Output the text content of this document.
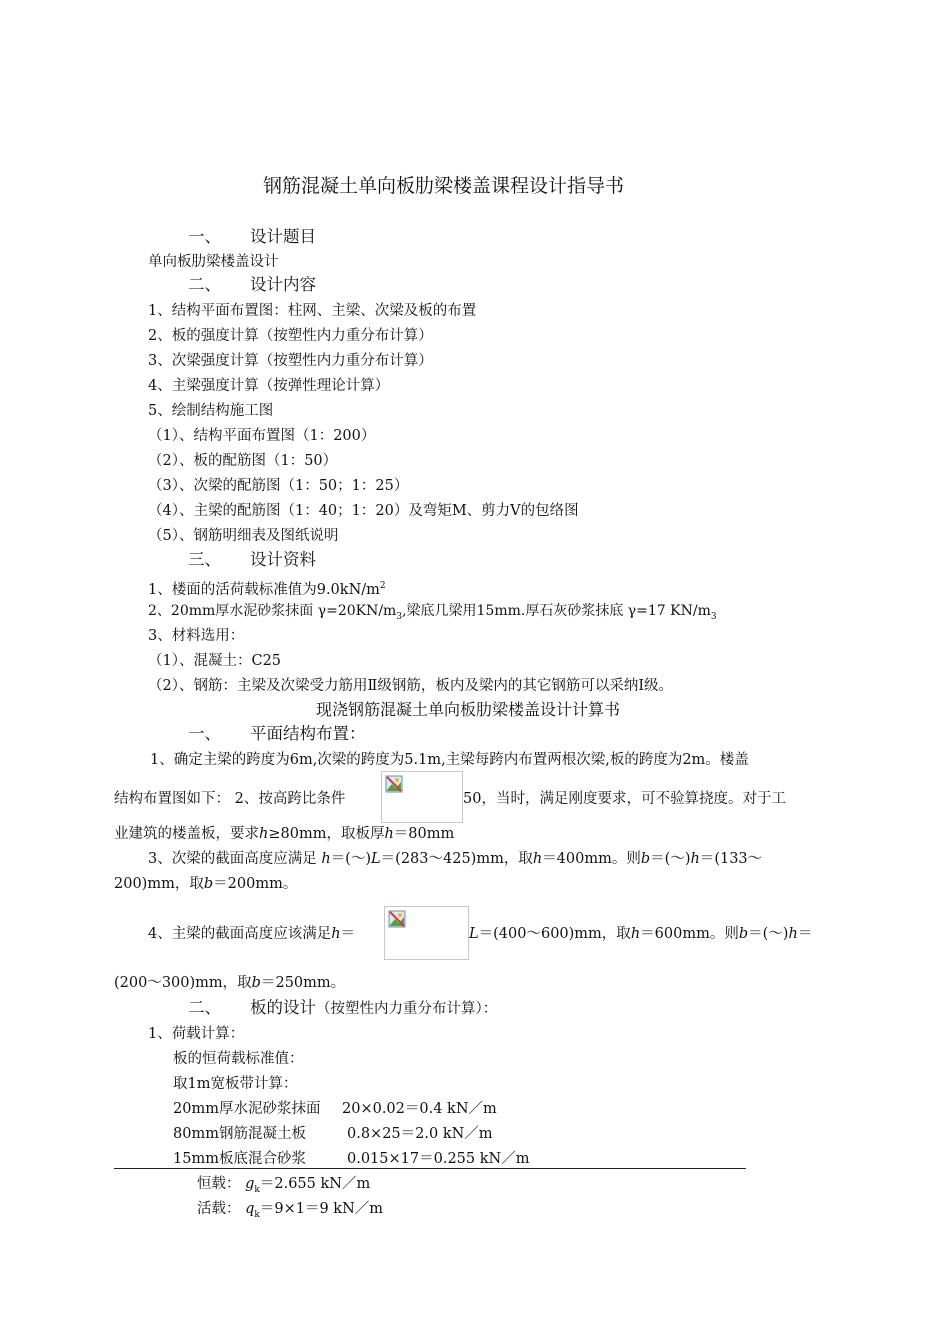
钢筋混凝土单向板肋梁楼盖课程设计指导书
一、 设计题目
单向板肋梁楼盖设计
二、 设计内容
1、结构平面布置图：柱网、主梁、次梁及板的布置
2、板的强度计算（按塑性内力重分布计算）
3、次梁强度计算（按塑性内力重分布计算）
4、主梁强度计算（按弹性理论计算）
5、绘制结构施工图
（1）、结构平面布置图（1：200）
（2）、板的配筋图（1：50）
（3）、次梁的配筋图（1：50；1：25）
（4）、主梁的配筋图（1：40；1：20）及弯矩M、剪力V的包络图
（5）、钢筋明细表及图纸说明
三、 设计资料
1、楼面的活荷载标准值为$9.0kN/m^2$
2、20mm厚水泥砂浆抹面 $\gamma=20KN/m_3$,梁底几梁用15mm.厚石灰砂浆抹底 γ=17 $KN/m_3$
3、材料选用：
（1）、混凝土：C25
（2）、钢筋：主梁及次梁受力筋用Ⅱ级钢筋，板内及梁内的其它钢筋可以采纳Ⅰ级。
现浇钢筋混凝土单向板肋梁楼盖设计计算书
一、 平面结构布置：
1、确定主梁的跨度为6m,次梁的跨度为5.1m,主梁每跨内布置两根次梁,板的跨度为2m。楼盖
结构布置图如下： 2、按高跨比条件	50，当时，满足刚度要求，可不验算挠度。对于工
业建筑的楼盖板，要求h≥80mm，取板厚h＝80mm
3、次梁的截面高度应满足 h＝(～)L＝(283～425)mm，取h＝400mm。则b＝(～)h＝(133～
200)mm，取b＝200mm。
4、主梁的截面高度应该满足h＝	L＝(400～600)mm，取h＝600mm。则b＝(～)h＝
(200～300)mm，取b＝250mm。
二、 板的设计（按塑性内力重分布计算）：
1、荷载计算：
板的恒荷载标准值：
取1m宽板带计算：
20mm厚水泥砂浆抹面 20×0.02＝0.4 kN／m
80mm钢筋混凝土板	0.8×25＝2.0 kN／m
15mm板底混合砂浆	0.015×17＝0.255 kN／m
恒载： $g_k=2.655$ kN／m
活载： $q_k=9\times 1=9$ kN／m
